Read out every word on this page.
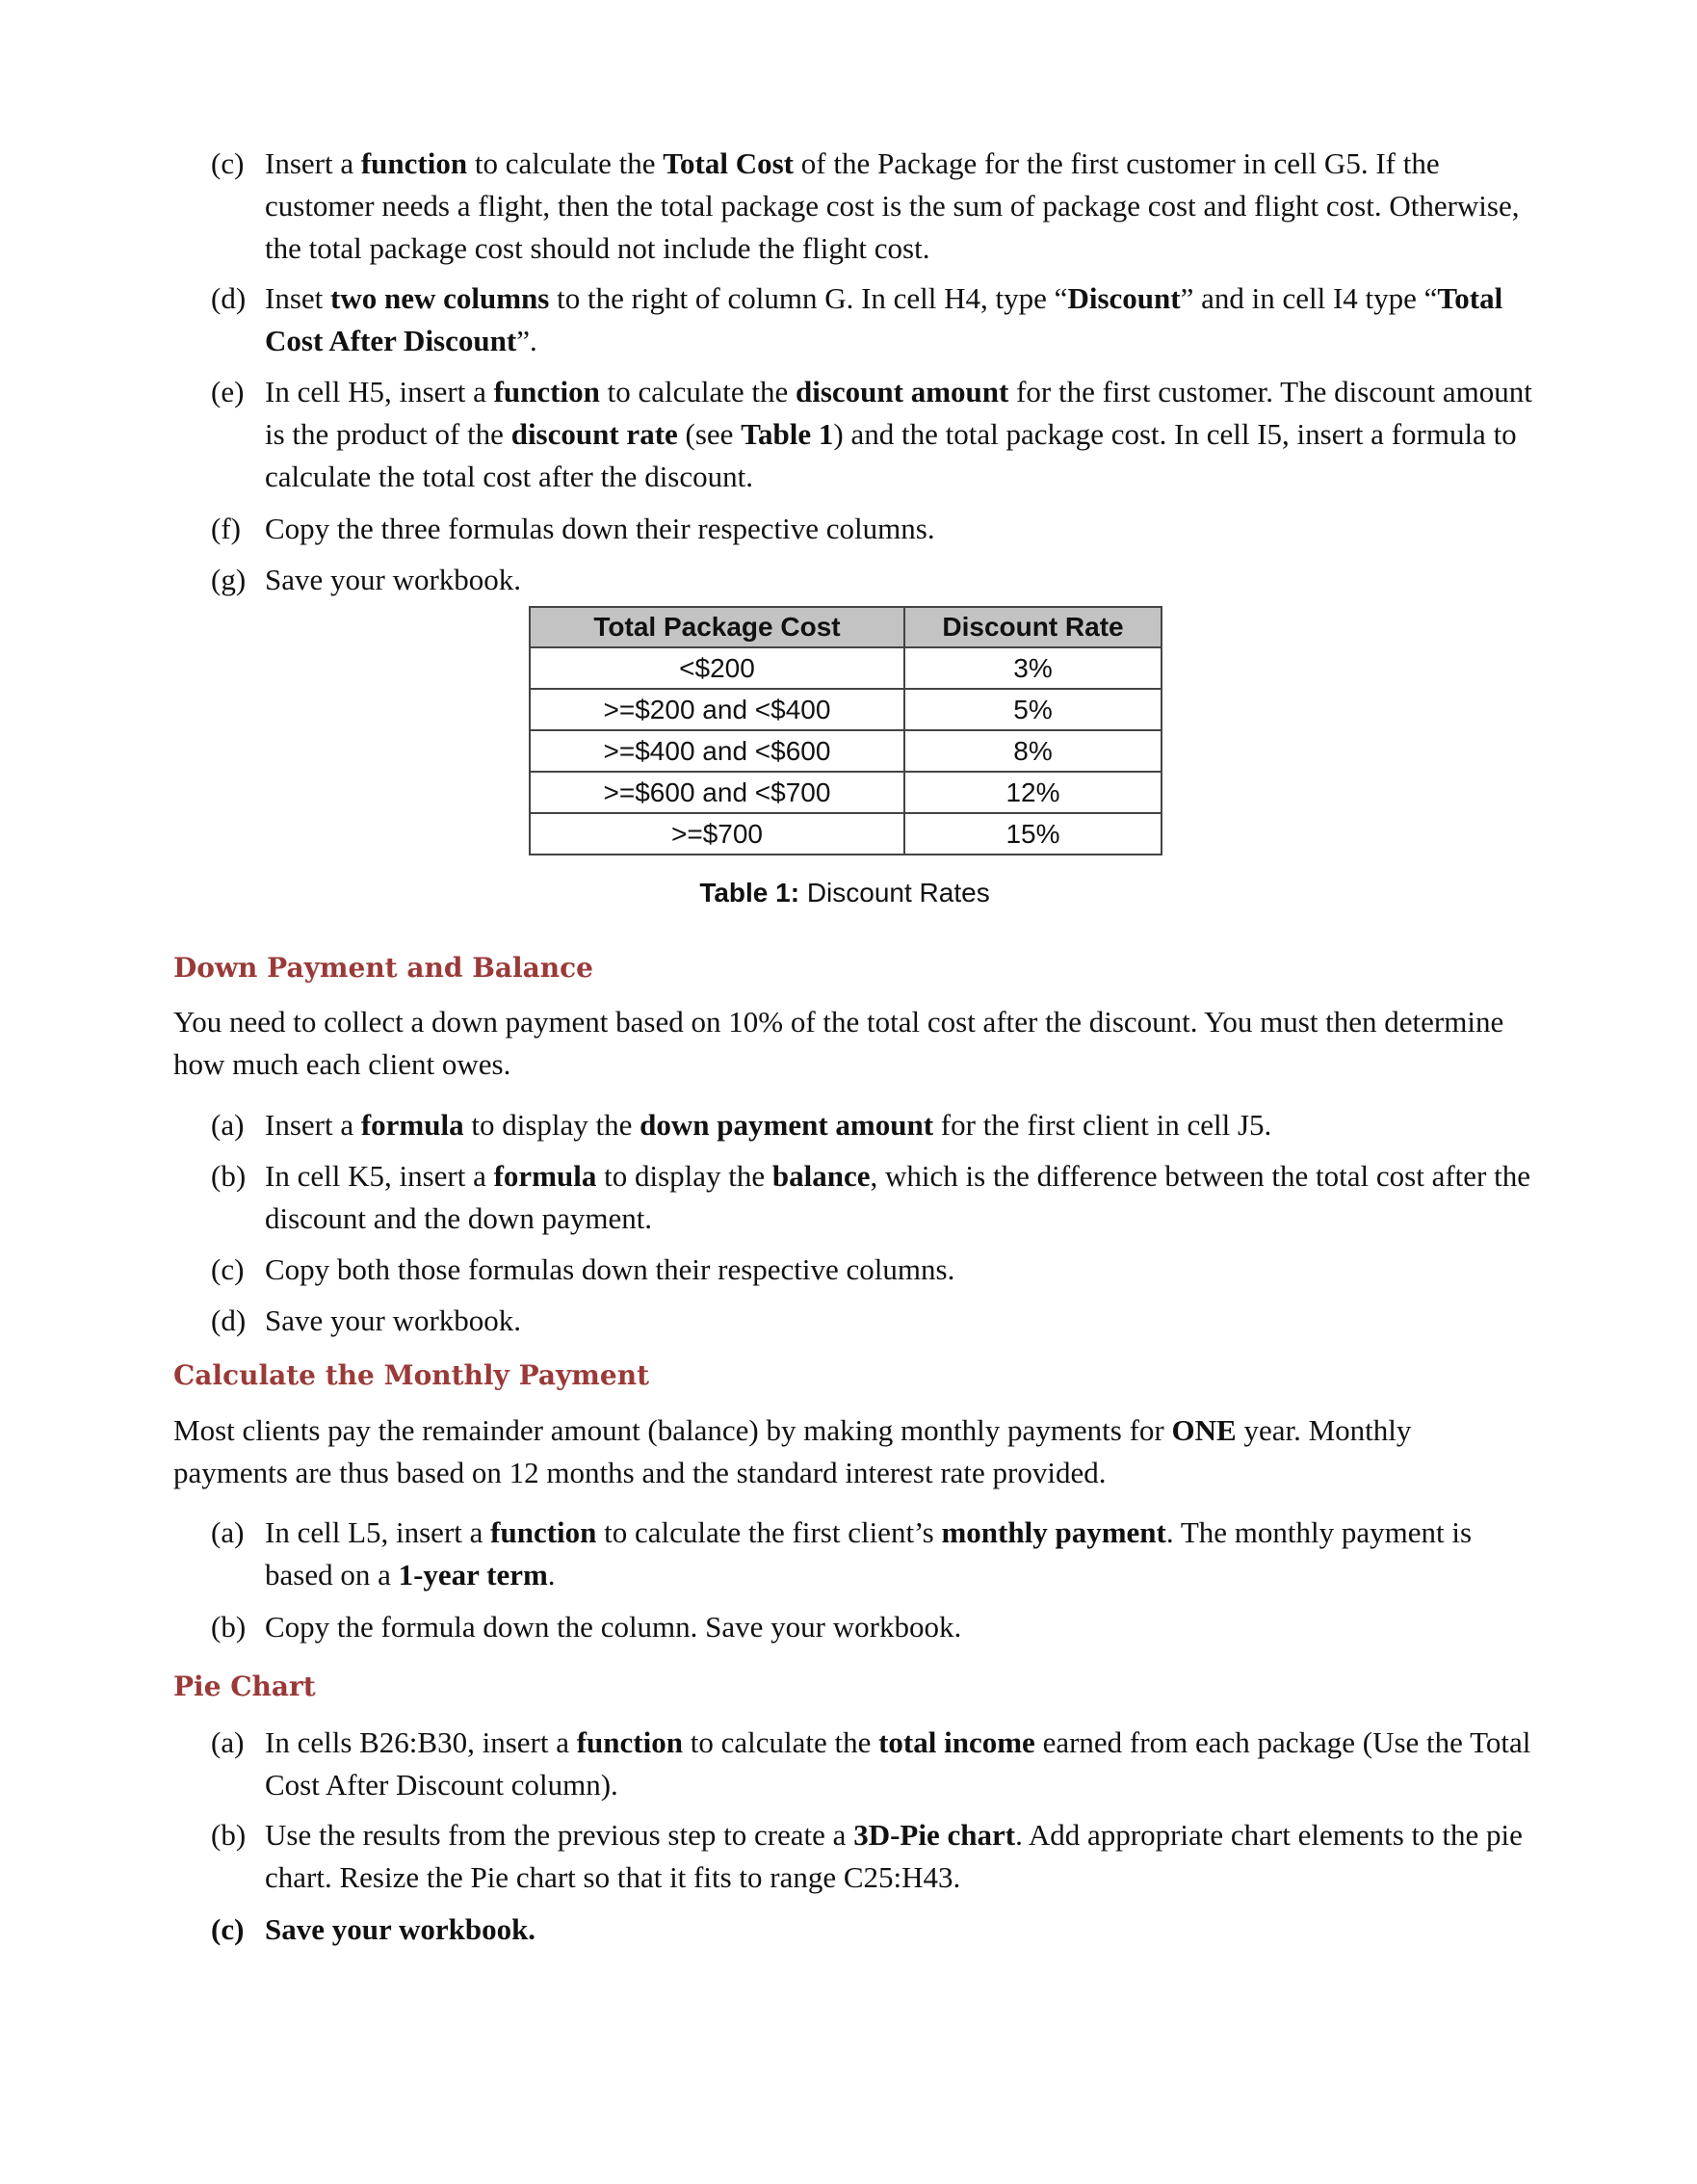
(c) Insert a function to calculate the Total Cost of the Package for the first customer in cell G5. If the customer needs a flight, then the total package cost is the sum of package cost and flight cost. Otherwise, the total package cost should not include the flight cost.
(d) Inset two new columns to the right of column G. In cell H4, type “Discount” and in cell I4 type “Total Cost After Discount”.
(e) In cell H5, insert a function to calculate the discount amount for the first customer. The discount amount is the product of the discount rate (see Table 1) and the total package cost. In cell I5, insert a formula to calculate the total cost after the discount.
(f) Copy the three formulas down their respective columns.
(g) Save your workbook.
Total Package Cost	Discount Rate
<$200	3%
>=$200 and <$400	5%
>=$400 and <$600	8%
>=$600 and <$700	12%
>=$700	15%
Table 1: Discount Rates
Down Payment and Balance
You need to collect a down payment based on 10% of the total cost after the discount. You must then determine how much each client owes.
(a) Insert a formula to display the down payment amount for the first client in cell J5.
(b) In cell K5, insert a formula to display the balance, which is the difference between the total cost after the discount and the down payment.
(c) Copy both those formulas down their respective columns.
(d) Save your workbook.
Calculate the Monthly Payment
Most clients pay the remainder amount (balance) by making monthly payments for ONE year. Monthly payments are thus based on 12 months and the standard interest rate provided.
(a) In cell L5, insert a function to calculate the first client’s monthly payment. The monthly payment is based on a 1-year term.
(b) Copy the formula down the column. Save your workbook.
Pie Chart
(a) In cells B26:B30, insert a function to calculate the total income earned from each package (Use the Total Cost After Discount column).
(b) Use the results from the previous step to create a 3D-Pie chart. Add appropriate chart elements to the pie chart. Resize the Pie chart so that it fits to range C25:H43.
(c) Save your workbook.
